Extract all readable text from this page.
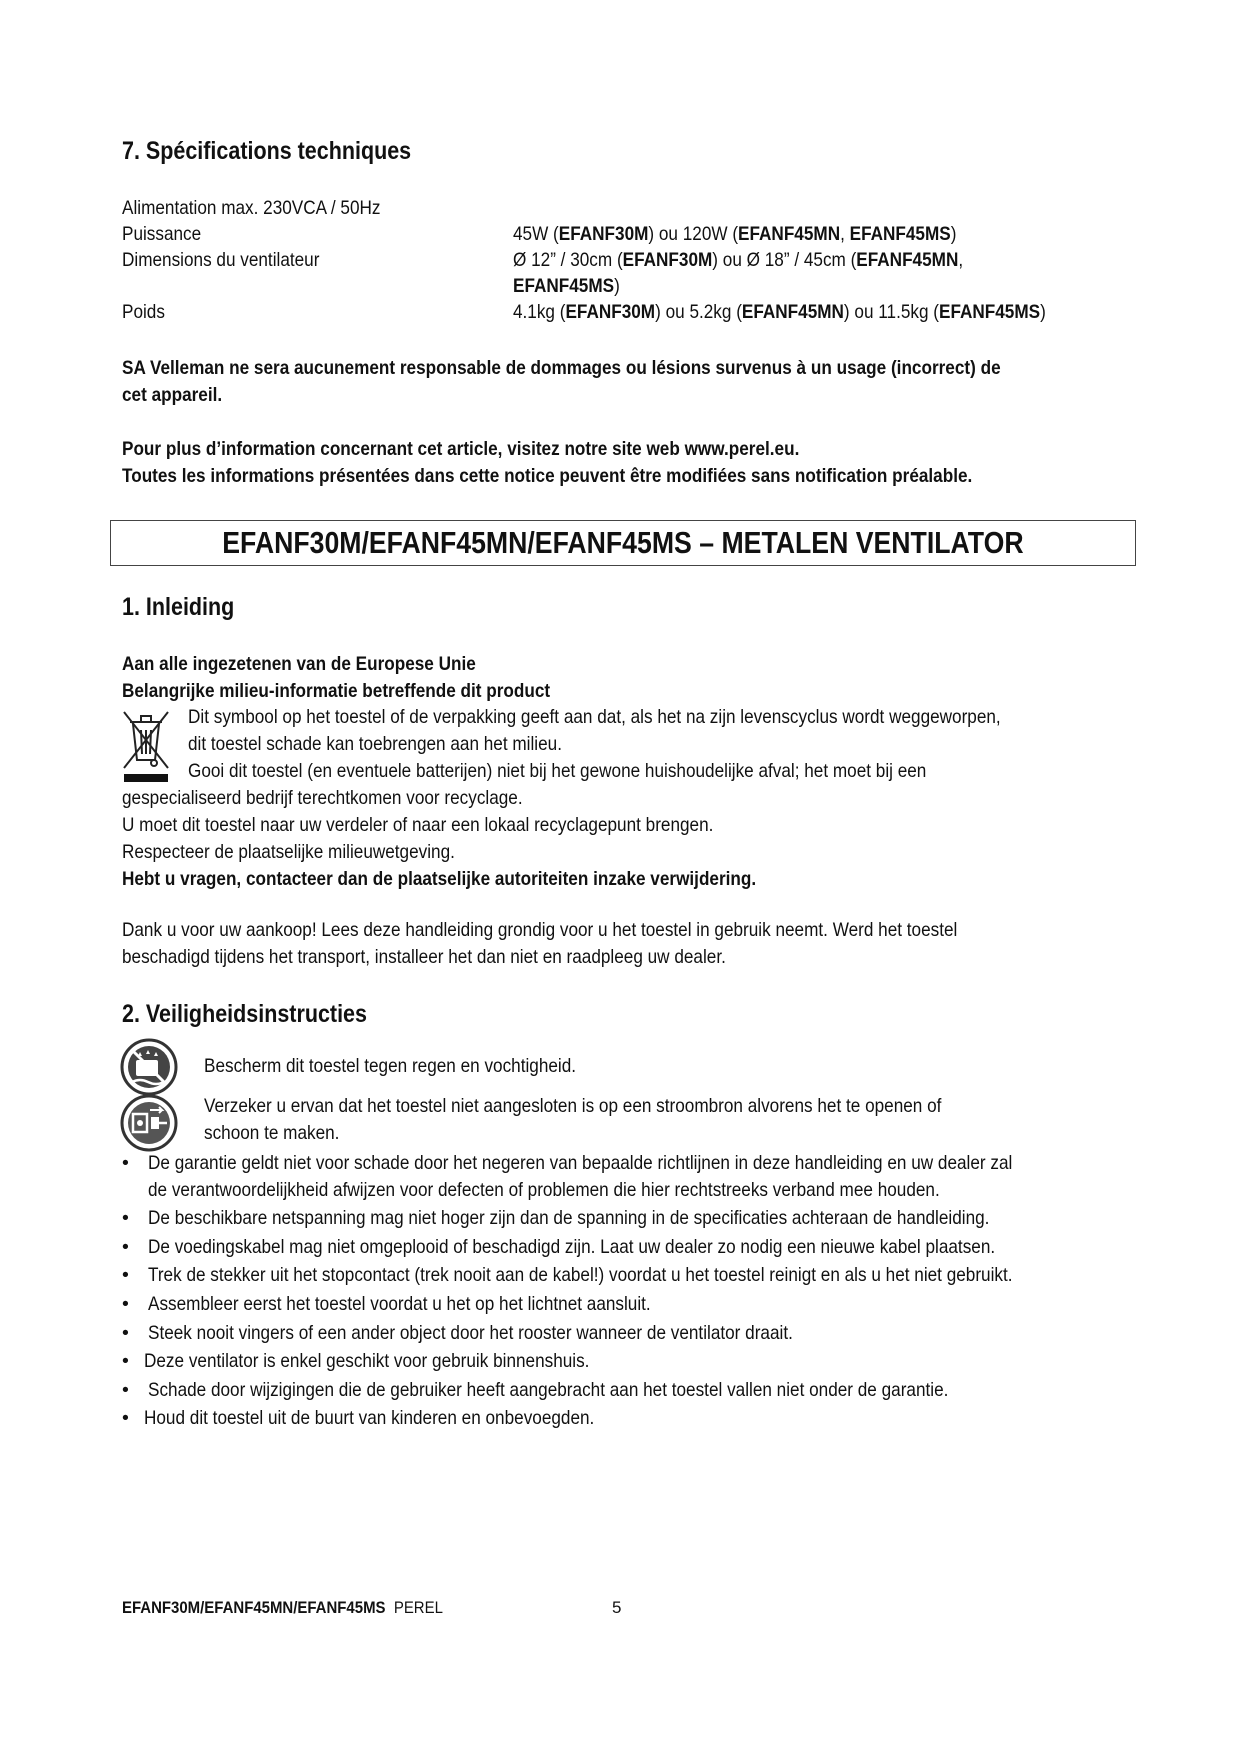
7. Spécifications techniques
Alimentation max. 230VCA / 50Hz
Puissance	45W (EFANF30M) ou 120W (EFANF45MN, EFANF45MS)
Dimensions du ventilateur	Ø 12” / 30cm (EFANF30M) ou Ø 18” / 45cm (EFANF45MN,
EFANF45MS)
Poids	4.1kg (EFANF30M) ou 5.2kg (EFANF45MN) ou 11.5kg (EFANF45MS)
SA Velleman ne sera aucunement responsable de dommages ou lésions survenus à un usage (incorrect) de
cet appareil.
Pour plus d’information concernant cet article, visitez notre site web www.perel.eu.
Toutes les informations présentées dans cette notice peuvent être modifiées sans notification préalable.
EFANF30M/EFANF45MN/EFANF45MS – METALEN VENTILATOR
1. Inleiding
Aan alle ingezetenen van de Europese Unie
Belangrijke milieu-informatie betreffende dit product
Dit symbool op het toestel of de verpakking geeft aan dat, als het na zijn levenscyclus wordt weggeworpen,
dit toestel schade kan toebrengen aan het milieu.
Gooi dit toestel (en eventuele batterijen) niet bij het gewone huishoudelijke afval; het moet bij een
gespecialiseerd bedrijf terechtkomen voor recyclage.
U moet dit toestel naar uw verdeler of naar een lokaal recyclagepunt brengen.
Respecteer de plaatselijke milieuwetgeving.
Hebt u vragen, contacteer dan de plaatselijke autoriteiten inzake verwijdering.
Dank u voor uw aankoop! Lees deze handleiding grondig voor u het toestel in gebruik neemt. Werd het toestel
beschadigd tijdens het transport, installeer het dan niet en raadpleeg uw dealer.
2. Veiligheidsinstructies
Bescherm dit toestel tegen regen en vochtigheid.
Verzeker u ervan dat het toestel niet aangesloten is op een stroombron alvorens het te openen of
schoon te maken.
• De garantie geldt niet voor schade door het negeren van bepaalde richtlijnen in deze handleiding en uw dealer zal
de verantwoordelijkheid afwijzen voor defecten of problemen die hier rechtstreeks verband mee houden.
• De beschikbare netspanning mag niet hoger zijn dan de spanning in de specificaties achteraan de handleiding.
• De voedingskabel mag niet omgeplooid of beschadigd zijn. Laat uw dealer zo nodig een nieuwe kabel plaatsen.
• Trek de stekker uit het stopcontact (trek nooit aan de kabel!) voordat u het toestel reinigt en als u het niet gebruikt.
• Assembleer eerst het toestel voordat u het op het lichtnet aansluit.
• Steek nooit vingers of een ander object door het rooster wanneer de ventilator draait.
• Deze ventilator is enkel geschikt voor gebruik binnenshuis.
• Schade door wijzigingen die de gebruiker heeft aangebracht aan het toestel vallen niet onder de garantie.
• Houd dit toestel uit de buurt van kinderen en onbevoegden.
EFANF30M/EFANF45MN/EFANF45MS PEREL	5
